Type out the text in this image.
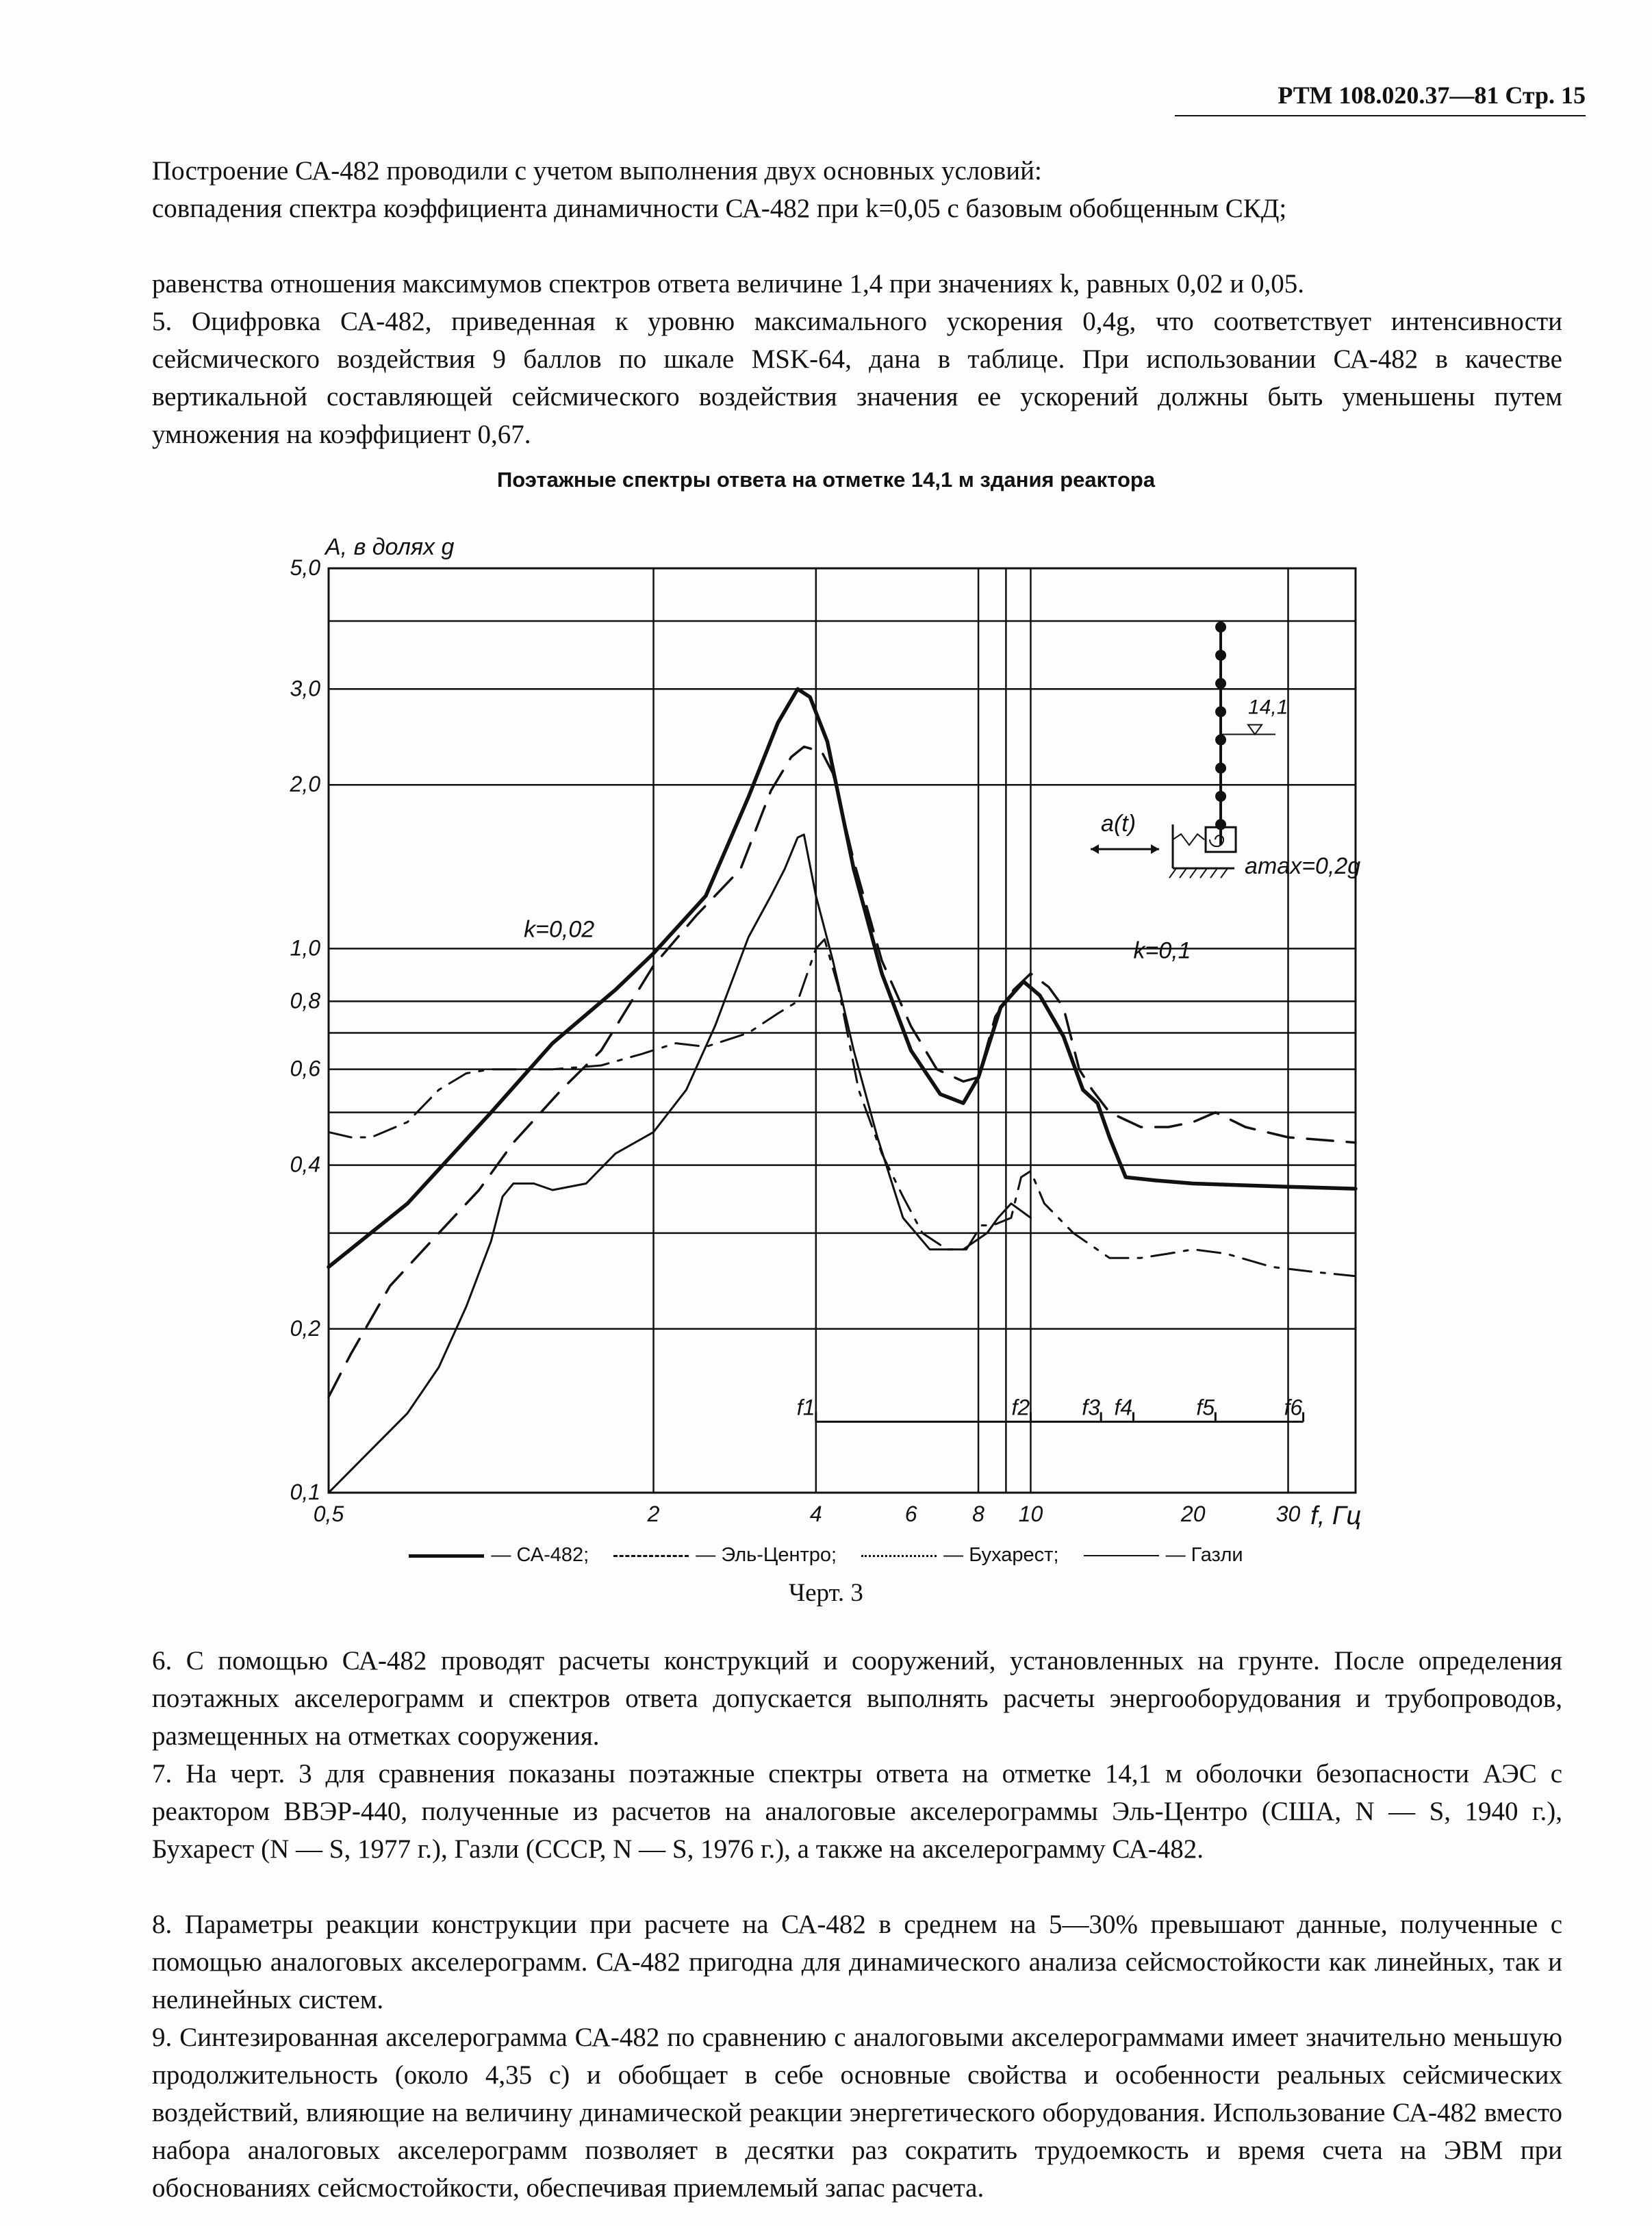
РТМ 108.020.37—81 Стр. 15
Построение СА-482 проводили с учетом выполнения двух основных условий:
совпадения спектра коэффициента динамичности СА-482 при k=0,05 с базовым обобщенным СКД;
равенства отношения максимумов спектров ответа величине 1,4 при значениях k, равных 0,02 и 0,05.
5. Оцифровка СА-482, приведенная к уровню максимального ускорения 0,4g, что соответствует интенсивности сейсмического воздействия 9 баллов по шкале MSK-64, дана в таблице. При использовании СА-482 в качестве вертикальной составляющей сейсмического воздействия значения ее ускорений должны быть уменьшены путем умножения на коэффициент 0,67.
Поэтажные спектры ответа на отметке 14,1 м здания реактора
0,1
0,2
0,4
0,6
0,8
1,0
2,0
3,0
5,0
0,5	2	4	6	8 10	20	30
A, в долях g
f, Гц
k=0,02
k=0,1
f1	f2 f3 f4	f5	f6
14,1
a(t)
amax=0,2g
— СА-482;	— Эль-Центро;	— Бухарест;	— Газли
Черт. 3
6. С помощью СА-482 проводят расчеты конструкций и сооружений, установленных на грунте. После определения поэтажных акселерограмм и спектров ответа допускается выполнять расчеты энергооборудования и трубопроводов, размещенных на отметках сооружения.
7. На черт. 3 для сравнения показаны поэтажные спектры ответа на отметке 14,1 м оболочки безопасности АЭС с реактором ВВЭР-440, полученные из расчетов на аналоговые акселерограммы Эль-Центро (США, N — S, 1940 г.), Бухарест (N — S, 1977 г.), Газли (СССР, N — S, 1976 г.), а также на акселерограмму СА-482.
8. Параметры реакции конструкции при расчете на СА-482 в среднем на 5—30% превышают данные, полученные с помощью аналоговых акселерограмм. СА-482 пригодна для динамического анализа сейсмостойкости как линейных, так и нелинейных систем.
9. Синтезированная акселерограмма СА-482 по сравнению с аналоговыми акселерограммами имеет значительно меньшую продолжительность (около 4,35 с) и обобщает в себе основные свойства и особенности реальных сейсмических воздействий, влияющие на величину динамической реакции энергетического оборудования. Использование СА-482 вместо набора аналоговых акселерограмм позволяет в десятки раз сократить трудоемкость и время счета на ЭВМ при обоснованиях сейсмостойкости, обеспечивая приемлемый запас расчета.
